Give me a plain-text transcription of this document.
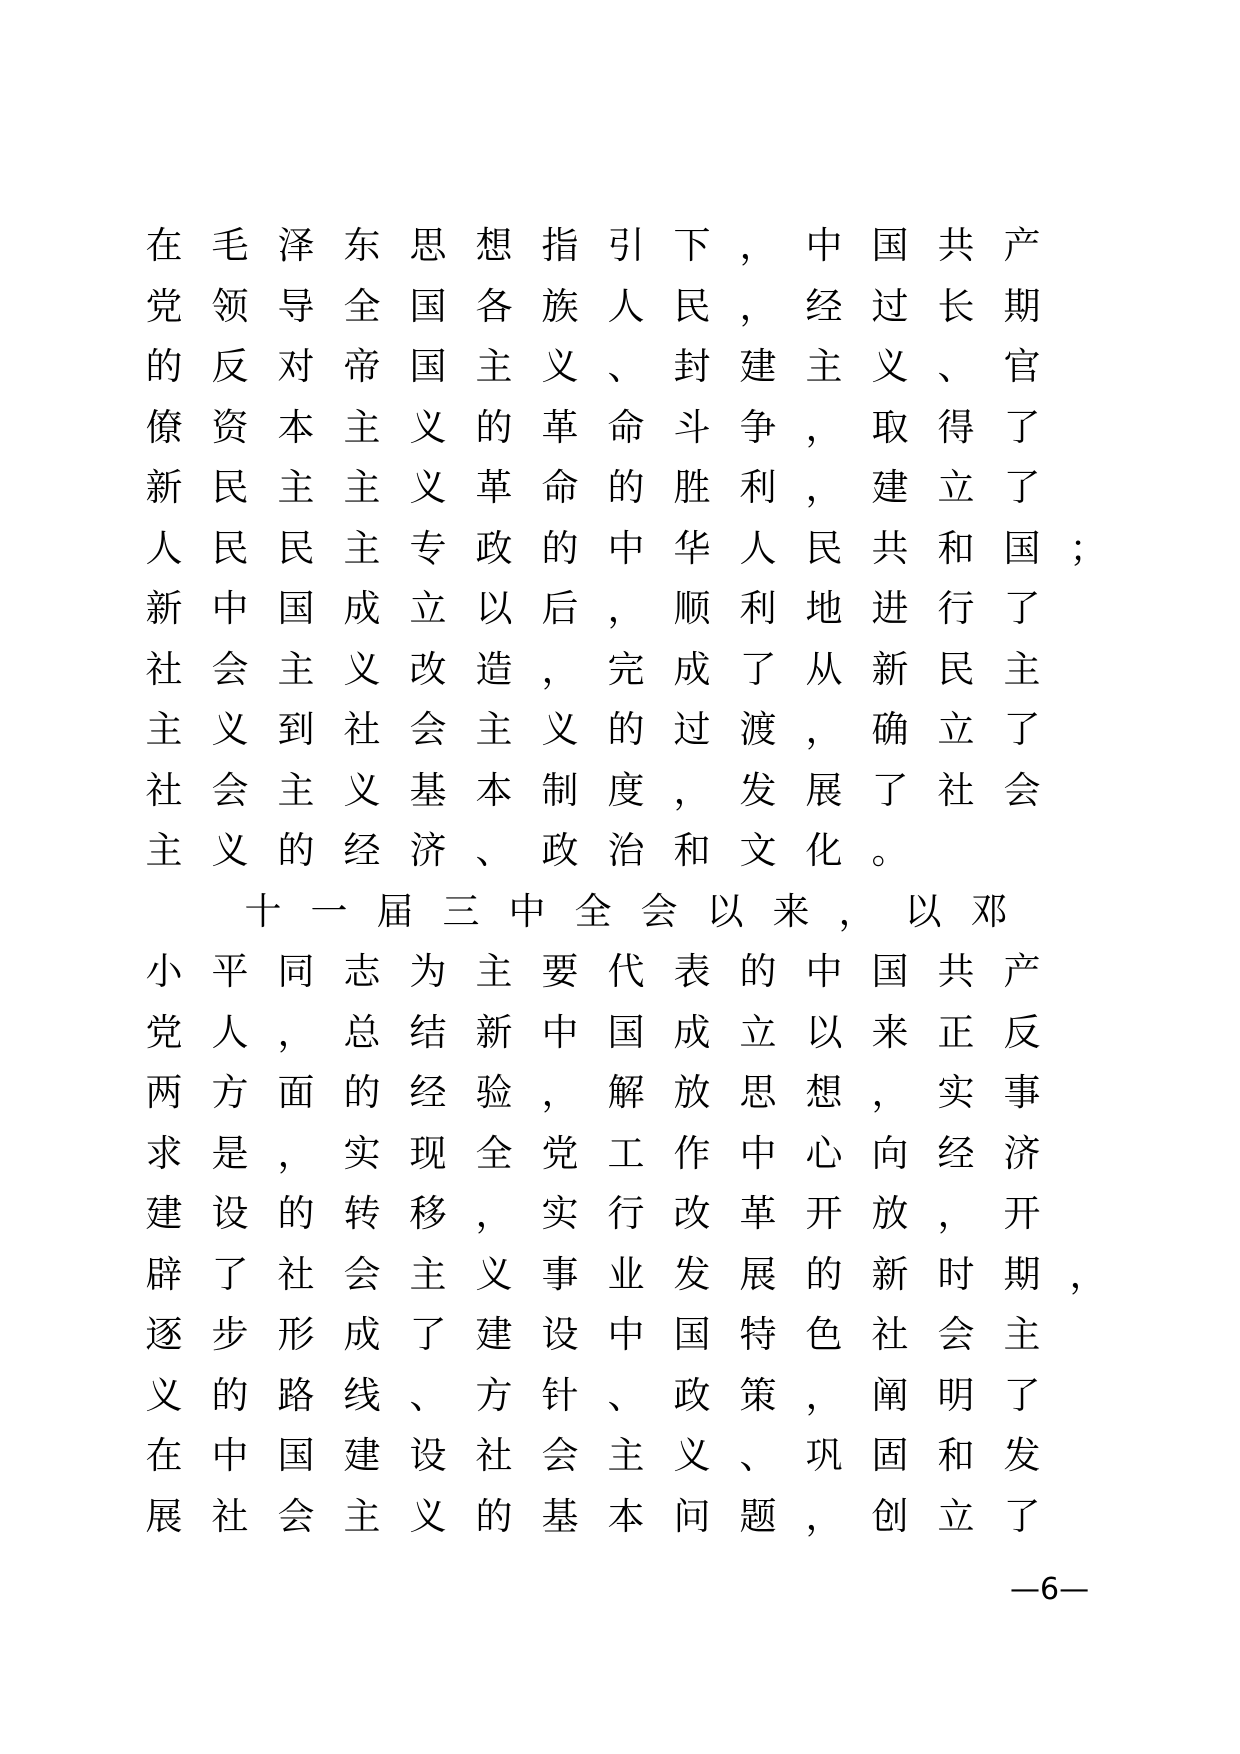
在 毛 泽 东 思 想 指 引 下 ， 中 国 共 产
党 领 导 全 国 各 族 人 民 ， 经 过 长 期
的 反 对 帝 国 主 义 、 封 建 主 义 、 官
僚 资 本 主 义 的 革 命 斗 争 ， 取 得 了
新 民 主 主 义 革 命 的 胜 利 ， 建 立 了
人 民 民 主 专 政 的 中 华 人 民 共 和 国 ；
新 中 国 成 立 以 后 ， 顺 利 地 进 行 了
社 会 主 义 改 造 ， 完 成 了 从 新 民 主
主 义 到 社 会 主 义 的 过 渡 ， 确 立 了
社 会 主 义 基 本 制 度 ， 发 展 了 社 会
主 义 的 经 济 、 政 治 和 文 化 。
十 一 届 三 中 全 会 以 来 ， 以 邓
小 平 同 志 为 主 要 代 表 的 中 国 共 产
党 人 ， 总 结 新 中 国 成 立 以 来 正 反
两 方 面 的 经 验 ， 解 放 思 想 ， 实 事
求 是 ， 实 现 全 党 工 作 中 心 向 经 济
建 设 的 转 移 ， 实 行 改 革 开 放 ， 开
辟 了 社 会 主 义 事 业 发 展 的 新 时 期 ，
逐 步 形 成 了 建 设 中 国 特 色 社 会 主
义 的 路 线 、 方 针 、 政 策 ， 阐 明 了
在 中 国 建 设 社 会 主 义 、 巩 固 和 发
展 社 会 主 义 的 基 本 问 题 ， 创 立 了
—6—
